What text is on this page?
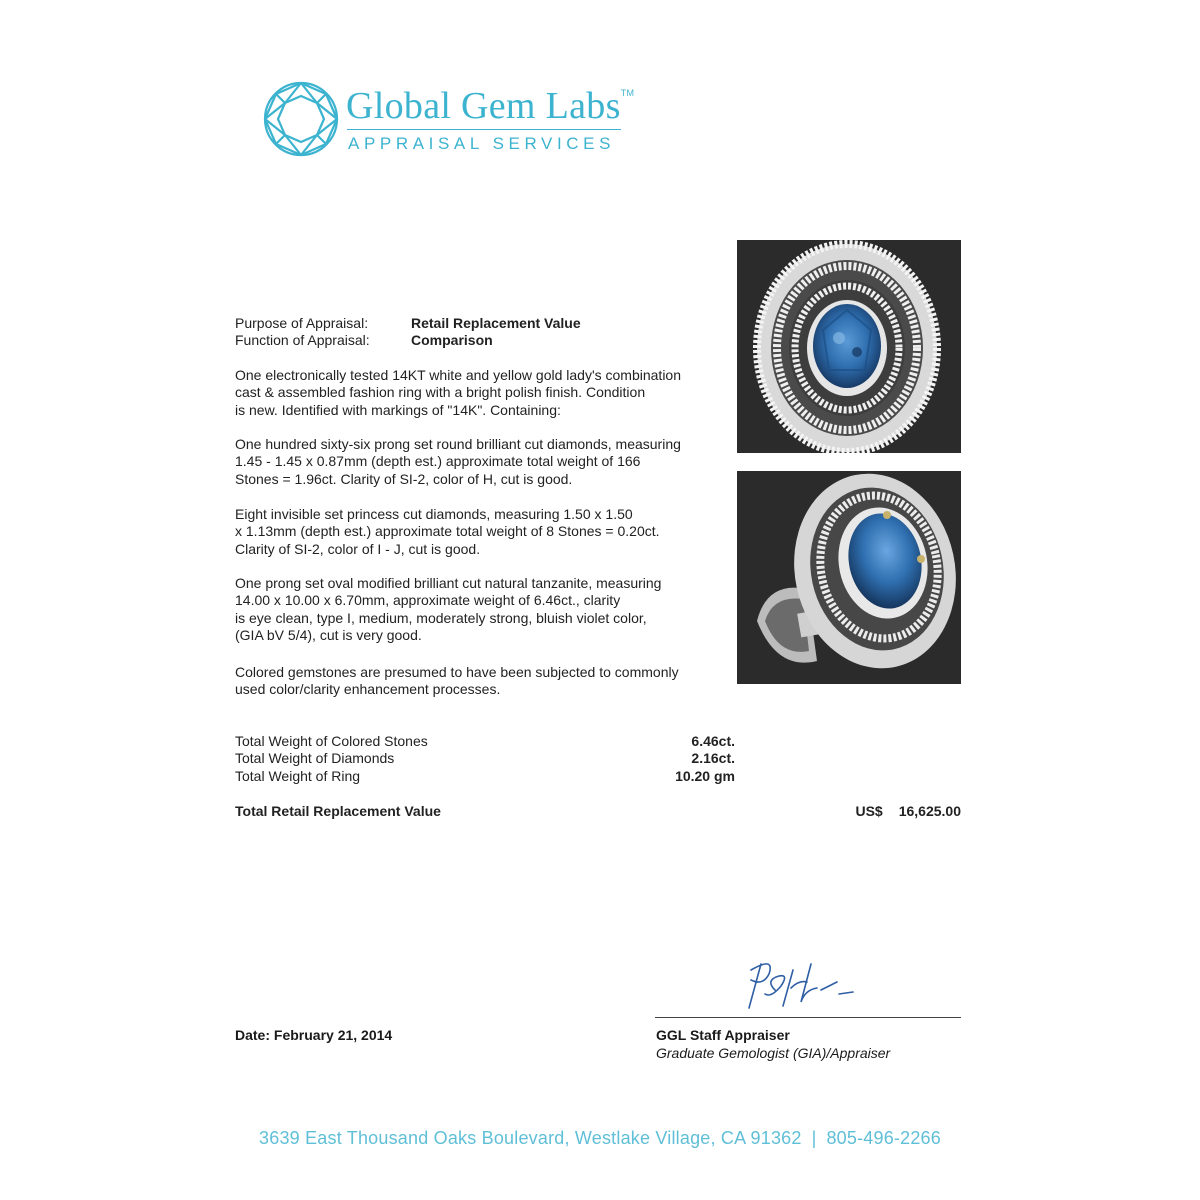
Global Gem Labs™
APPRAISAL SERVICES
Purpose of Appraisal:	Retail Replacement Value
Function of Appraisal:	Comparison
One electronically tested 14KT white and yellow gold lady's combination
cast & assembled fashion ring with a bright polish finish. Condition
is new. Identified with markings of "14K". Containing:
One hundred sixty-six prong set round brilliant cut diamonds, measuring
1.45 - 1.45 x 0.87mm (depth est.) approximate total weight of 166
Stones = 1.96ct. Clarity of SI-2, color of H, cut is good.
Eight invisible set princess cut diamonds, measuring 1.50 x 1.50
x 1.13mm (depth est.) approximate total weight of 8 Stones = 0.20ct.
Clarity of SI-2, color of I - J, cut is good.
One prong set oval modified brilliant cut natural tanzanite, measuring
14.00 x 10.00 x 6.70mm, approximate weight of 6.46ct., clarity
is eye clean, type I, medium, moderately strong, bluish violet color,
(GIA bV 5/4), cut is very good.
Colored gemstones are presumed to have been subjected to commonly
used color/clarity enhancement processes.
Total Weight of Colored Stones	6.46ct.
Total Weight of Diamonds	2.16ct.
Total Weight of Ring	10.20 gm
Total Retail Replacement Value	US$ 16,625.00
GGL Staff Appraiser
Graduate Gemologist (GIA)/Appraiser
Date: February 21, 2014
3639 East Thousand Oaks Boulevard, Westlake Village, CA 91362 | 805-496-2266
